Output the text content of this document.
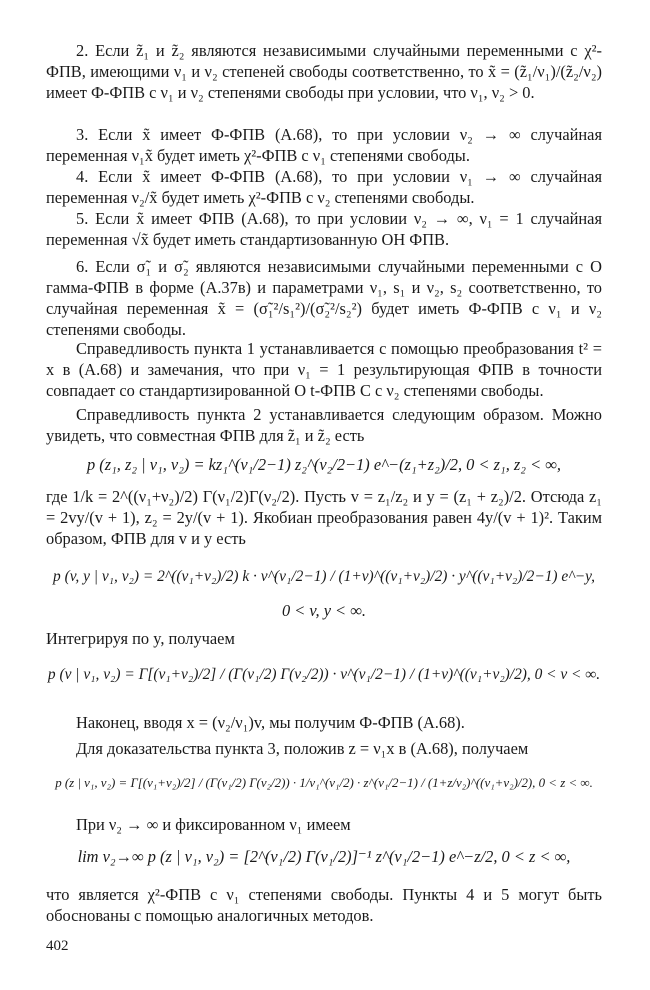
2. Если z̃₁ и z̃₂ являются независимыми случайными переменными с χ²-ФПВ, имеющими ν₁ и ν₂ степеней свободы соответственно, то x̃ = (z̃₁/ν₁)/(z̃₂/ν₂) имеет Ф-ФПВ с ν₁ и ν₂ степенями свободы при условии, что ν₁, ν₂ > 0.

3. Если x̃ имеет Ф-ФПВ (A.68), то при условии ν₂ → ∞ случайная переменная ν₁x̃ будет иметь χ²-ФПВ с ν₁ степенями свободы.

4. Если x̃ имеет Ф-ФПВ (A.68), то при условии ν₁ → ∞ случайная переменная ν₂/x̃ будет иметь χ²-ФПВ с ν₂ степенями свободы.

5. Если x̃ имеет ФПВ (A.68), то при условии ν₂ → ∞, ν₁ = 1 случайная переменная √x̃ будет иметь стандартизованную ОН ФПВ.

6. Если σ̃₁ и σ̃₂ являются независимыми случайными переменными с О гамма-ФПВ в форме (A.37в) и параметрами ν₁, s₁ и ν₂, s₂ соответственно, то случайная переменная x̃ = (σ̃₁²/s₁²)/(σ̃₂²/s₂²) будет иметь Ф-ФПВ с ν₁ и ν₂ степенями свободы.

Справедливость пункта 1 устанавливается с помощью преобразования t² = x в (A.68) и замечания, что при ν₁ = 1 результирующая ФПВ в точности совпадает со стандартизированной О t-ФПВ С с ν₂ степенями свободы.

Справедливость пункта 2 устанавливается следующим образом. Можно увидеть, что совместная ФПВ для z̃₁ и z̃₂ есть

p (z₁, z₂ | ν₁, ν₂) = kz₁^(ν₁/2−1) z₂^(ν₂/2−1) e^−(z₁+z₂)/2, 0 < z₁, z₂ < ∞,

где 1/k = 2^((ν₁+ν₂)/2) Γ(ν₁/2)Γ(ν₂/2). Пусть v = z₁/z₂ и y = (z₁ + z₂)/2. Отсюда z₁ = 2vy/(v + 1), z₂ = 2y/(v + 1). Якобиан преобразования равен 4y/(v + 1)². Таким образом, ФПВ для v и y есть

p (v, y | ν₁, ν₂) = 2^((ν₁+ν₂)/2) k · v^(ν₁/2−1) / (1+v)^((ν₁+ν₂)/2) · y^((ν₁+ν₂)/2−1) e^−y,
0 < v, y < ∞.

Интегрируя по y, получаем

p (v | ν₁, ν₂) = Γ[(ν₁+ν₂)/2] / (Γ(ν₁/2) Γ(ν₂/2)) · v^(ν₁/2−1) / (1+v)^((ν₁+ν₂)/2), 0 < v < ∞.

Наконец, вводя x = (ν₂/ν₁)v, мы получим Ф-ФПВ (A.68).

Для доказательства пункта 3, положив z = ν₁x в (A.68), получаем

p (z | ν₁, ν₂) = Γ[(ν₁+ν₂)/2] / (Γ(ν₁/2) Γ(ν₂/2)) · 1/ν₁^(ν₁/2) · z^(ν₁/2−1) / (1+z/ν₂)^((ν₁+ν₂)/2), 0 < z < ∞.

При ν₂ → ∞ и фиксированном ν₁ имеем

lim ν₂→∞ p (z | ν₁, ν₂) = [2^(ν₁/2) Γ(ν₁/2)]⁻¹ z^(ν₁/2−1) e^−z/2, 0 < z < ∞,

что является χ²-ФПВ с ν₁ степенями свободы. Пункты 4 и 5 могут быть обоснованы с помощью аналогичных методов.

402
